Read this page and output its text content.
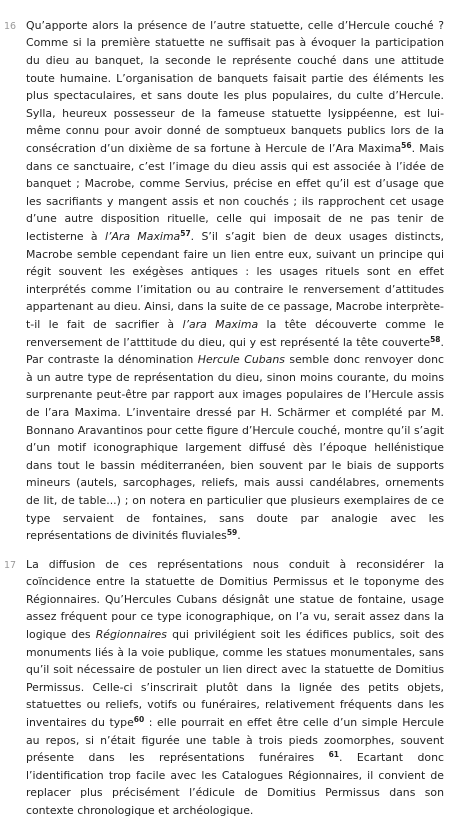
16 Qu’apporte alors la présence de l’autre statuette, celle d’Hercule couché ? Comme si la première statuette ne suffisait pas à évoquer la participation du dieu au banquet, la seconde le représente couché dans une attitude toute humaine. L’organisation de banquets faisait partie des éléments les plus spectaculaires, et sans doute les plus populaires, du culte d’Hercule. Sylla, heureux possesseur de la fameuse statuette lysippéenne, est lui-même connu pour avoir donné de somptueux banquets publics lors de la consécration d’un dixième de sa fortune à Hercule de l’Ara Maxima$^{56}$. Mais dans ce sanctuaire, c’est l’image du dieu assis qui est associée à l’idée de banquet ; Macrobe, comme Servius, précise en effet qu’il est d’usage que les sacrifiants y mangent assis et non couchés ; ils rapprochent cet usage d’une autre disposition rituelle, celle qui imposait de ne pas tenir de lectisterne à l’Ara Maxima$^{57}$. S’il s’agit bien de deux usages distincts, Macrobe semble cependant faire un lien entre eux, suivant un principe qui régit souvent les exégèses antiques : les usages rituels sont en effet interprétés comme l’imitation ou au contraire le renversement d’attitudes appartenant au dieu. Ainsi, dans la suite de ce passage, Macrobe interprète-t-il le fait de sacrifier à l’ara Maxima la tête découverte comme le renversement de l’atttitude du dieu, qui y est représenté la tête couverte$^{58}$. Par contraste la dénomination Hercule Cubans semble donc renvoyer donc à un autre type de représentation du dieu, sinon moins courante, du moins surprenante peut-être par rapport aux images populaires de l’Hercule assis de l’ara Maxima. L’inventaire dressé par H. Schärmer et complété par M. Bonnano Aravantinos pour cette figure d’Hercule couché, montre qu’il s’agit d’un motif iconographique largement diffusé dès l’époque hellénistique dans tout le bassin méditerranéen, bien souvent par le biais de supports mineurs (autels, sarcophages, reliefs, mais aussi candélabres, ornements de lit, de table...) ; on notera en particulier que plusieurs exemplaires de ce type servaient de fontaines, sans doute par analogie avec les représentations de divinités fluviales$^{59}$.

17 La diffusion de ces représentations nous conduit à reconsidérer la coïncidence entre la statuette de Domitius Permissus et le toponyme des Régionnaires. Qu’Hercules Cubans désignât une statue de fontaine, usage assez fréquent pour ce type iconographique, on l’a vu, serait assez dans la logique des Régionnaires qui privilégient soit les édifices publics, soit des monuments liés à la voie publique, comme les statues monumentales, sans qu’il soit nécessaire de postuler un lien direct avec la statuette de Domitius Permissus. Celle-ci s’inscrirait plutôt dans la lignée des petits objets, statuettes ou reliefs, votifs ou funéraires, relativement fréquents dans les inventaires du type$^{60}$ : elle pourrait en effet être celle d’un simple Hercule au repos, si n’était figurée une table à trois pieds zoomorphes, souvent présente dans les représentations funéraires $^{61}$. Ecartant donc l’identification trop facile avec les Catalogues Régionnaires, il convient de replacer plus précisément l’édicule de Domitius Permissus dans son contexte chronologique et archéologique.
